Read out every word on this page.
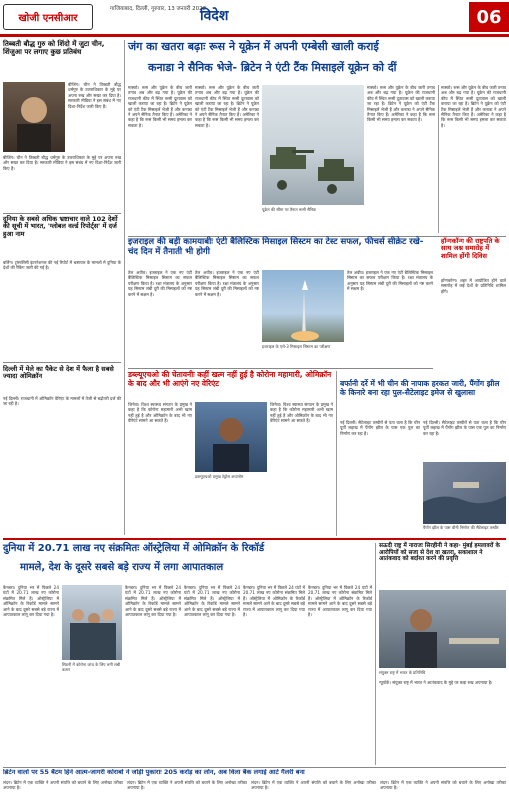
खोजी एनसीआर
गाजियाबाद, दिल्ली, गुरुवार, 13 जनवरी 2022
विदेश	06
तिब्बती बौद्ध गुरु को शिंदो में जुटा चीन, शिंजुआ पर लगाए कुछ प्रतिबंध
बीजिंग। चीन ने तिब्बती बौद्ध धर्मगुरु के उत्तराधिकार के मुद्दे पर अपना रुख और सख्त कर दिया है। सरकारी मीडिया ने इस संबंध में नए दिशा-निर्देश जारी किए हैं।
बीजिंग। चीन ने तिब्बती बौद्ध धर्मगुरु के उत्तराधिकार के मुद्दे पर अपना रुख और सख्त कर दिया है। सरकारी मीडिया ने इस संबंध में नए दिशा-निर्देश जारी किए हैं।
दुनिया के सबसे अधिक भ्रष्टाचार वाले 102 देशों की सूची में भारत, 'ग्लोबल वर्ल्ड रिपोर्ट्स' में दर्ज हुआ नाम
बर्लिन। ट्रांसपेरेंसी इंटरनेशनल की नई रिपोर्ट में भ्रष्टाचार के मामलों में दुनिया के देशों की रैंकिंग जारी की गई है।
दिल्ली में मेले का पैकेट से देश में फैला है सबसे ज्यादा ओमिक्रॉन
नई दिल्ली। राजधानी में ओमिक्रॉन वेरिएंट के मामलों में तेजी से बढ़ोतरी दर्ज की जा रही है।
जंग का खतरा बढ़ाः रूस ने यूक्रेन में अपनी एम्बेसी खाली कराई
कनाडा ने सैनिक भेजे- ब्रिटेन ने एंटी टैंक मिसाइलें यूक्रेन को दीं
मास्को। रूस और यूक्रेन के बीच जारी तनाव अब और बढ़ गया है। यूक्रेन की राजधानी कीव में स्थित रूसी दूतावास को खाली कराया जा रहा है। ब्रिटेन ने यूक्रेन को एंटी टैंक मिसाइलें भेजी हैं और कनाडा ने अपने सैनिक तैनात किए हैं। अमेरिका ने कहा है कि रूस किसी भी समय हमला कर सकता है।
मास्को। रूस और यूक्रेन के बीच जारी तनाव अब और बढ़ गया है। यूक्रेन की राजधानी कीव में स्थित रूसी दूतावास को खाली कराया जा रहा है। ब्रिटेन ने यूक्रेन को एंटी टैंक मिसाइलें भेजी हैं और कनाडा ने अपने सैनिक तैनात किए हैं। अमेरिका ने कहा है कि रूस किसी भी समय हमला कर सकता है।
यूक्रेन की सीमा पर तैनात रूसी सैनिक
मास्को। रूस और यूक्रेन के बीच जारी तनाव अब और बढ़ गया है। यूक्रेन की राजधानी कीव में स्थित रूसी दूतावास को खाली कराया जा रहा है। ब्रिटेन ने यूक्रेन को एंटी टैंक मिसाइलें भेजी हैं और कनाडा ने अपने सैनिक तैनात किए हैं। अमेरिका ने कहा है कि रूस किसी भी समय हमला कर सकता है।
मास्को। रूस और यूक्रेन के बीच जारी तनाव अब और बढ़ गया है। यूक्रेन की राजधानी कीव में स्थित रूसी दूतावास को खाली कराया जा रहा है। ब्रिटेन ने यूक्रेन को एंटी टैंक मिसाइलें भेजी हैं और कनाडा ने अपने सैनिक तैनात किए हैं। अमेरिका ने कहा है कि रूस किसी भी समय हमला कर सकता है।
इजराइल की बड़ी कामयाबीः एंटी बैलिस्टिक मिसाइल सिस्टम का टेस्ट सफल, फीचर्स सीक्रेट रखे- चंद दिन में तैनाती भी होगी
तेल अवीव। इजराइल ने एक नए एंटी बैलिस्टिक मिसाइल सिस्टम का सफल परीक्षण किया है। रक्षा मंत्रालय के अनुसार यह सिस्टम लंबी दूरी की मिसाइलों को नष्ट करने में सक्षम है।
तेल अवीव। इजराइल ने एक नए एंटी बैलिस्टिक मिसाइल सिस्टम का सफल परीक्षण किया है। रक्षा मंत्रालय के अनुसार यह सिस्टम लंबी दूरी की मिसाइलों को नष्ट करने में सक्षम है।
इजराइल के एरो-3 मिसाइल सिस्टम का परीक्षण
तेल अवीव। इजराइल ने एक नए एंटी बैलिस्टिक मिसाइल सिस्टम का सफल परीक्षण किया है। रक्षा मंत्रालय के अनुसार यह सिस्टम लंबी दूरी की मिसाइलों को नष्ट करने में सक्षम है।
हॉन्गकॉन्ग की राष्ट्रपति के साथ जश्न समारोह में शामिल होंगी दिविस
हॉन्गकॉन्ग। शहर में आयोजित होने वाले समारोह में कई देशों के प्रतिनिधि शामिल होंगे।
डब्ल्यूएचओ की चेतावनीः कहीं खत्म नहीं हुई है कोरोना महामारी, ओमिक्रॉन के बाद और भी आएंगे नए वेरिएंट
जिनेवा। विश्व स्वास्थ्य संगठन के प्रमुख ने कहा है कि कोरोना महामारी अभी खत्म नहीं हुई है और ओमिक्रॉन के बाद भी नए वेरिएंट सामने आ सकते हैं।
डब्ल्यूएचओ प्रमुख टेड्रोस अधानोम
जिनेवा। विश्व स्वास्थ्य संगठन के प्रमुख ने कहा है कि कोरोना महामारी अभी खत्म नहीं हुई है और ओमिक्रॉन के बाद भी नए वेरिएंट सामने आ सकते हैं।
बर्फानी दर्रे में भी चीन की नापाक हरकत जारी, पैंगोंग झील के किनारे बना रहा पुल-सैटेलाइट इमेज से खुलासा
नई दिल्ली। सैटेलाइट तस्वीरों से पता चला है कि चीन पूर्वी लद्दाख में पैंगोंग झील के पास एक पुल का निर्माण कर रहा है।
नई दिल्ली। सैटेलाइट तस्वीरों से पता चला है कि चीन पूर्वी लद्दाख में पैंगोंग झील के पास एक पुल का निर्माण कर रहा है।
पैंगोंग झील के पास चीनी निर्माण की सैटेलाइट तस्वीर
दुनिया में 20.71 लाख नए संक्रमितः ऑस्ट्रेलिया में ओमिक्रॉन के रिकॉर्ड
मामले, देश के दूसरे सबसे बड़े राज्य में लगा आपातकाल
कैनबरा। दुनिया भर में पिछले 24 घंटों में 20.71 लाख नए कोरोना संक्रमित मिले हैं। ऑस्ट्रेलिया में ओमिक्रॉन के रिकॉर्ड मामले सामने आने के बाद दूसरे सबसे बड़े राज्य में आपातकाल लागू कर दिया गया है।
सिडनी में कोरोना जांच के लिए लगी लंबी कतार
कैनबरा। दुनिया भर में पिछले 24 घंटों में 20.71 लाख नए कोरोना संक्रमित मिले हैं। ऑस्ट्रेलिया में ओमिक्रॉन के रिकॉर्ड मामले सामने आने के बाद दूसरे सबसे बड़े राज्य में आपातकाल लागू कर दिया गया है।
कैनबरा। दुनिया भर में पिछले 24 घंटों में 20.71 लाख नए कोरोना संक्रमित मिले हैं। ऑस्ट्रेलिया में ओमिक्रॉन के रिकॉर्ड मामले सामने आने के बाद दूसरे सबसे बड़े राज्य में आपातकाल लागू कर दिया गया है।
कैनबरा। दुनिया भर में पिछले 24 घंटों में 20.71 लाख नए कोरोना संक्रमित मिले हैं। ऑस्ट्रेलिया में ओमिक्रॉन के रिकॉर्ड मामले सामने आने के बाद दूसरे सबसे बड़े राज्य में आपातकाल लागू कर दिया गया है।
कैनबरा। दुनिया भर में पिछले 24 घंटों में 20.71 लाख नए कोरोना संक्रमित मिले हैं। ऑस्ट्रेलिया में ओमिक्रॉन के रिकॉर्ड मामले सामने आने के बाद दूसरे सबसे बड़े राज्य में आपातकाल लागू कर दिया गया है।
सऊदी राष्ट्र में नाराजः सिरहीनी ने कहा- मुंबई हमलावरों के आरोपियों को सजा से देश वा खतरा, सकाशाल ने आतंकवाद को बर्दाश्त करने की प्रवृत्ति
संयुक्त राष्ट्र में भारत के प्रतिनिधि
न्यूयॉर्क। संयुक्त राष्ट्र में भारत ने आतंकवाद के मुद्दे पर कड़ा रुख अपनाया है।
ब्रिटेन वालों पर 55 बैंटम हिने आत्म-जागरी कोराबों ने जोड़ी पुकाराः 205 करोड़ का लोन, अब विला बैंक लगाई आर्ट गैलरी बना
लंदन। ब्रिटेन में एक व्यक्ति ने अपनी संपत्ति को बचाने के लिए अनोखा तरीका अपनाया है।
लंदन। ब्रिटेन में एक व्यक्ति ने अपनी संपत्ति को बचाने के लिए अनोखा तरीका अपनाया है।
लंदन। ब्रिटेन में एक व्यक्ति ने अपनी संपत्ति को बचाने के लिए अनोखा तरीका अपनाया है।
लंदन। ब्रिटेन में एक व्यक्ति ने अपनी संपत्ति को बचाने के लिए अनोखा तरीका अपनाया है।
